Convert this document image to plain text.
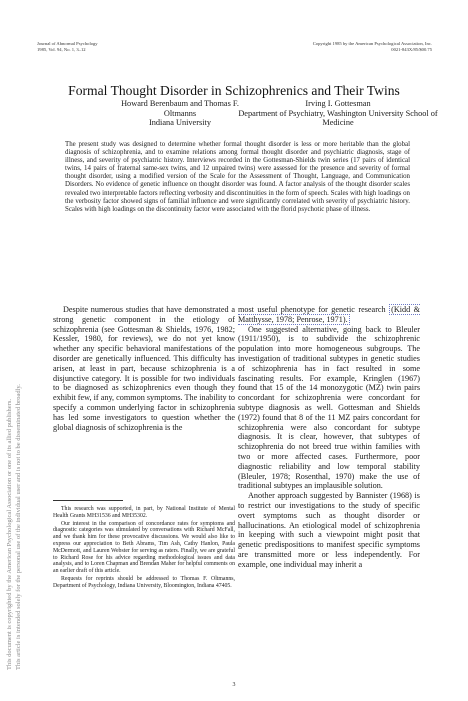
This document is copyrighted by the American Psychological Association or one of its allied publishers. This article is intended solely for the personal use of the individual user and is not to be disseminated broadly.
Journal of Abnormal Psychology
1985, Vol. 94, No. 1, 3–12
Copyright 1985 by the American Psychological Association, Inc.
0021-843X/85/$00.75
Formal Thought Disorder in Schizophrenics and Their Twins
Howard Berenbaum and Thomas F. Oltmanns
Indiana University
Irving I. Gottesman
Department of Psychiatry, Washington University School of Medicine
The present study was designed to determine whether formal thought disorder is less or more heritable than the global diagnosis of schizophrenia, and to examine relations among formal thought disorder and psychiatric diagnosis, stage of illness, and severity of psychiatric history. Interviews recorded in the Gottesman-Shields twin series (17 pairs of identical twins, 14 pairs of fraternal same-sex twins, and 12 unpaired twins) were assessed for the presence and severity of formal thought disorder, using a modified version of the Scale for the Assessment of Thought, Language, and Communication Disorders. No evidence of genetic influence on thought disorder was found. A factor analysis of the thought disorder scales revealed two interpretable factors reflecting verbosity and discontinuities in the form of speech. Scales with high loadings on the verbosity factor showed signs of familial influence and were significantly correlated with severity of psychiatric history. Scales with high loadings on the discontinuity factor were associated with the florid psychotic phase of illness.

Despite numerous studies that have demonstrated a strong genetic component in the etiology of schizophrenia (see Gottesman & Shields, 1976, 1982; Kessler, 1980, for reviews), we do not yet know whether any specific behavioral manifestations of the disorder are genetically influenced. This difficulty has arisen, at least in part, because schizophrenia is a disjunctive category. It is possible for two individuals to be diagnosed as schizophrenics even though they exhibit few, if any, common symptoms. The inability to specify a common underlying factor in schizophrenia has led some investigators to question whether the global diagnosis of schizophrenia is the

most useful phenotype for genetic research (Kidd & Matthysse, 1978; Penrose, 1971).

One suggested alternative, going back to Bleuler (1911/1950), is to subdivide the schizophrenic population into more homogeneous subgroups. The investigation of traditional subtypes in genetic studies of schizophrenia has in fact resulted in some fascinating results. For example, Kringlen (1967) found that 15 of the 14 monozygotic (MZ) twin pairs concordant for schizophrenia were concordant for subtype diagnosis as well. Gottesman and Shields (1972) found that 8 of the 11 MZ pairs concordant for schizophrenia were also concordant for subtype diagnosis. It is clear, however, that subtypes of schizophrenia do not breed true within families with two or more affected cases. Furthermore, poor diagnostic reliability and low temporal stability (Bleuler, 1978; Rosenthal, 1970) make the use of traditional subtypes an implausible solution.

Another approach suggested by Bannister (1968) is to restrict our investigations to the study of specific overt symptoms such as thought disorder or hallucinations. An etiological model of schizophrenia in keeping with such a viewpoint might posit that genetic predispositions to manifest specific symptoms are transmitted more or less independently. For example, one individual may inherit a

This research was supported, in part, by National Institute of Mental Health Grants MH31536 and MH35302.

Our interest in the comparison of concordance rates for symptoms and diagnostic categories was stimulated by conversations with Richard McFall, and we thank him for these provocative discussions. We would also like to express our appreciation to Beth Abrams, Tim Ash, Cathy Hanlon, Paula McDermott, and Lauren Webster for serving as raters. Finally, we are grateful to Richard Rose for his advice regarding methodological issues and data analysis, and to Loren Chapman and Brendan Maher for helpful comments on an earlier draft of this article.

Requests for reprints should be addressed to Thomas F. Oltmanns, Department of Psychology, Indiana University, Bloomington, Indiana 47405.

3
